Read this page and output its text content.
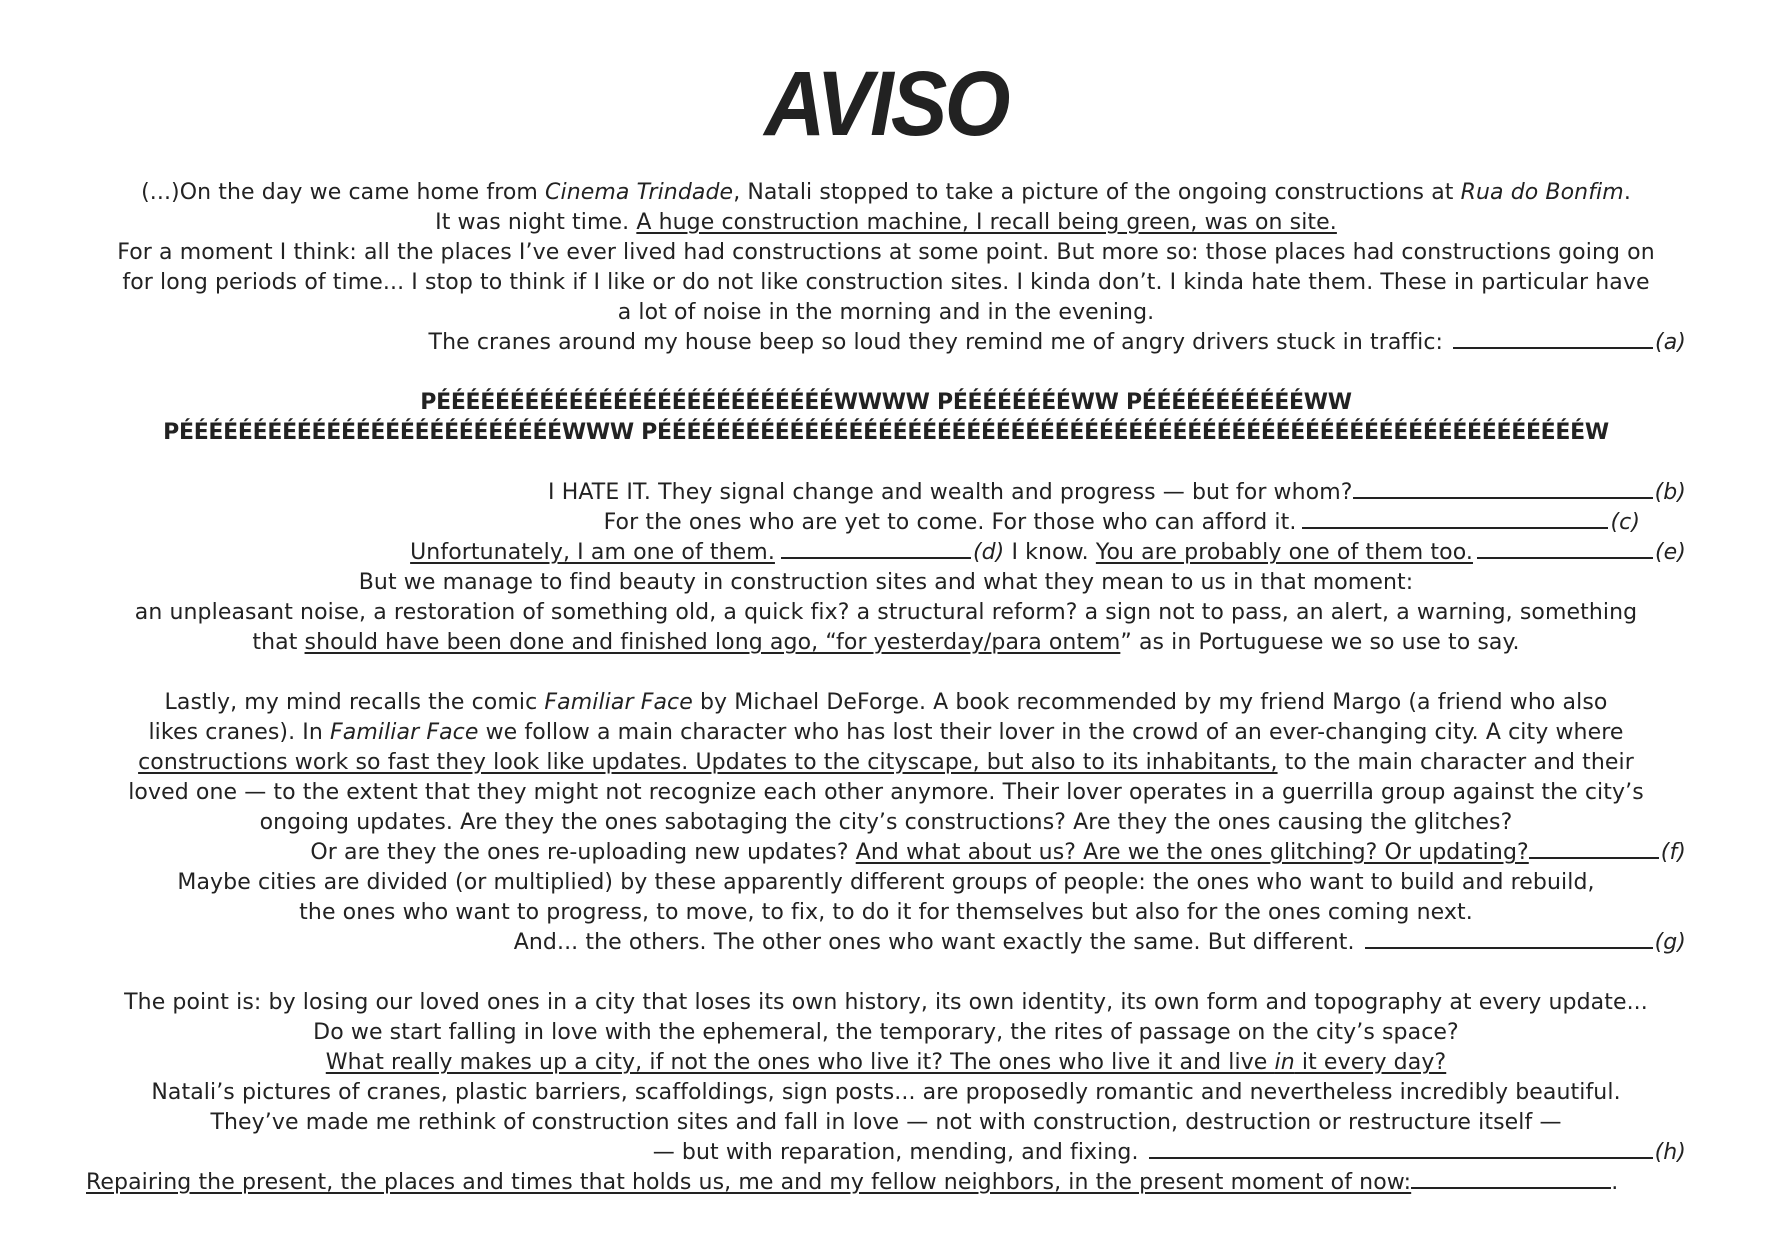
AVISO
(...)On the day we came home from Cinema Trindade, Natali stopped to take a picture of the ongoing constructions at Rua do Bonfim.
It was night time. A huge construction machine, I recall being green, was on site.
For a moment I think: all the places I’ve ever lived had constructions at some point. But more so: those places had constructions going on
for long periods of time... I stop to think if I like or do not like construction sites. I kinda don’t. I kinda hate them. These in particular have
a lot of noise in the morning and in the evening.
The cranes around my house beep so loud they remind me of angry drivers stuck in traffic:	(a)
PÉÉÉÉÉÉÉÉÉÉÉÉÉÉÉÉÉÉÉÉÉÉÉÉÉÉÉWWWW PÉÉÉÉÉÉÉÉWW PÉÉÉÉÉÉÉÉÉÉÉWW
PÉÉÉÉÉÉÉÉÉÉÉÉÉÉÉÉÉÉÉÉÉÉÉÉÉÉWWW PÉÉÉÉÉÉÉÉÉÉÉÉÉÉÉÉÉÉÉÉÉÉÉÉÉÉÉÉÉÉÉÉÉÉÉÉÉÉÉÉÉÉÉÉÉÉÉÉÉÉÉÉÉÉÉÉÉÉÉÉÉÉÉW
I HATE IT. They signal change and wealth and progress — but for whom?	(b)
For the ones who are yet to come. For those who can afford it.	(c)
Unfortunately, I am one of them.	(d) I know. You are probably one of them too.	(e)
But we manage to find beauty in construction sites and what they mean to us in that moment:
an unpleasant noise, a restoration of something old, a quick fix? a structural reform? a sign not to pass, an alert, a warning, something
that should have been done and finished long ago, “for yesterday/para ontem” as in Portuguese we so use to say.
Lastly, my mind recalls the comic Familiar Face by Michael DeForge. A book recommended by my friend Margo (a friend who also
likes cranes). In Familiar Face we follow a main character who has lost their lover in the crowd of an ever-changing city. A city where
constructions work so fast they look like updates. Updates to the cityscape, but also to its inhabitants, to the main character and their
loved one — to the extent that they might not recognize each other anymore. Their lover operates in a guerrilla group against the city’s
ongoing updates. Are they the ones sabotaging the city’s constructions? Are they the ones causing the glitches?
Or are they the ones re-uploading new updates? And what about us? Are we the ones glitching? Or updating?	(f)
Maybe cities are divided (or multiplied) by these apparently different groups of people: the ones who want to build and rebuild,
the ones who want to progress, to move, to fix, to do it for themselves but also for the ones coming next.
And... the others. The other ones who want exactly the same. But different.	(g)
The point is: by losing our loved ones in a city that loses its own history, its own identity, its own form and topography at every update...
Do we start falling in love with the ephemeral, the temporary, the rites of passage on the city’s space?
What really makes up a city, if not the ones who live it? The ones who live it and live in it every day?
Natali’s pictures of cranes, plastic barriers, scaffoldings, sign posts... are proposedly romantic and nevertheless incredibly beautiful.
They’ve made me rethink of construction sites and fall in love — not with construction, destruction or restructure itself —
— but with reparation, mending, and fixing.	(h)
Repairing the present, the places and times that holds us, me and my fellow neighbors, in the present moment of now:	.
